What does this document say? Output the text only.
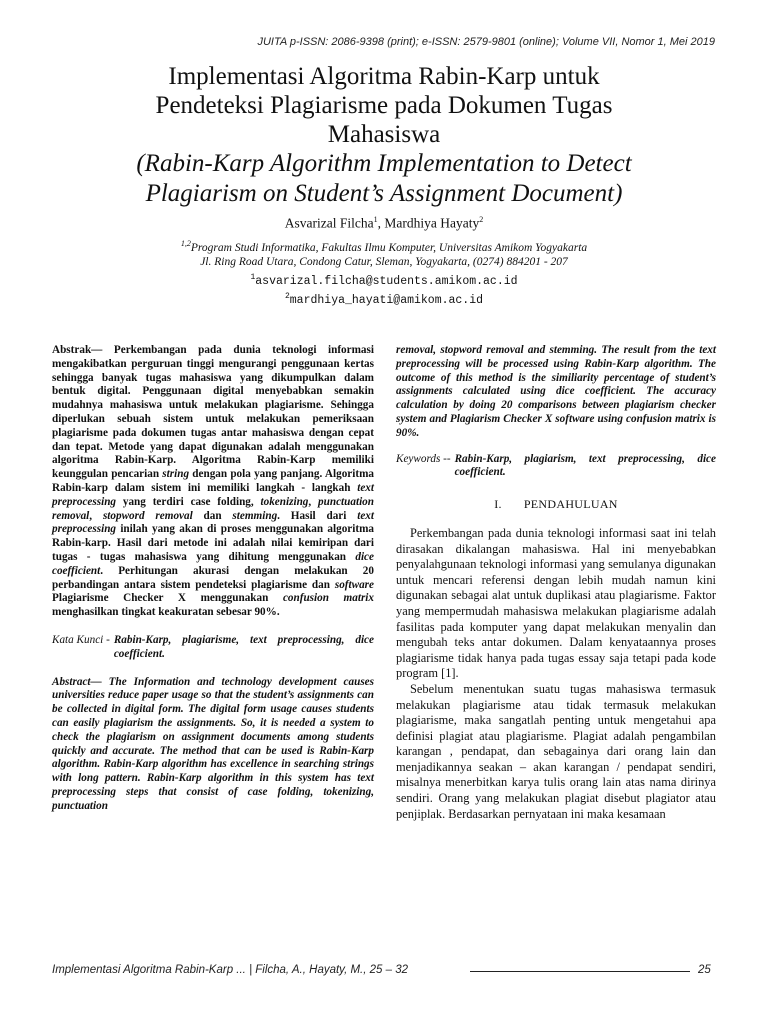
JUITA p-ISSN: 2086-9398 (print); e-ISSN: 2579-9801 (online); Volume VII, Nomor 1, Mei 2019
Implementasi Algoritma Rabin-Karp untuk
Pendeteksi Plagiarisme pada Dokumen Tugas
Mahasiswa
(Rabin-Karp Algorithm Implementation to Detect
Plagiarism on Student’s Assignment Document)
Asvarizal Filcha$^1$, Mardhiya Hayaty$^2$
$^{1,2}$Program Studi Informatika, Fakultas Ilmu Komputer, Universitas Amikom Yogyakarta
Jl. Ring Road Utara, Condong Catur, Sleman, Yogyakarta, (0274) 884201 - 207
$^1$asvarizal.filcha@students.amikom.ac.id
$^2$mardhiya_hayati@amikom.ac.id

Abstrak— Perkembangan pada dunia teknologi informasi mengakibatkan perguruan tinggi mengurangi penggunaan kertas sehingga banyak tugas mahasiswa yang dikumpulkan dalam bentuk digital. Penggunaan digital menyebabkan semakin mudahnya mahasiswa untuk melakukan plagiarisme. Sehingga diperlukan sebuah sistem untuk melakukan pemeriksaan plagiarisme pada dokumen tugas antar mahasiswa dengan cepat dan tepat. Metode yang dapat digunakan adalah menggunakan algoritma Rabin-Karp. Algoritma Rabin-Karp memiliki keunggulan pencarian string dengan pola yang panjang. Algoritma Rabin-karp dalam sistem ini memiliki langkah - langkah text preprocessing yang terdiri case folding, tokenizing, punctuation removal, stopword removal dan stemming. Hasil dari text preprocessing inilah yang akan di proses menggunakan algoritma Rabin-karp. Hasil dari metode ini adalah nilai kemiripan dari tugas - tugas mahasiswa yang dihitung menggunakan dice coefficient. Perhitungan akurasi dengan melakukan 20 perbandingan antara sistem pendeteksi plagiarisme dan software Plagiarisme Checker X menggunakan confusion matrix menghasilkan tingkat keakuratan sebesar 90%.

Kata Kunci - Rabin-Karp, plagiarisme, text preprocessing, dice coefficient.

Abstract— The Information and technology development causes universities reduce paper usage so that the student’s assignments can be collected in digital form. The digital form usage causes students can easily plagiarism the assignments. So, it is needed a system to check the plagiarism on assignment documents among students quickly and accurate. The method that can be used is Rabin-Karp algorithm. Rabin-Karp algorithm has excellence in searching strings with long pattern. Rabin-Karp algorithm in this system has text preprocessing steps that consist of case folding, tokenizing, punctuation

removal, stopword removal and stemming. The result from the text preprocessing will be processed using Rabin-Karp algorithm. The outcome of this method is the similiarity percentage of student’s assignments calculated using dice coefficient. The accuracy calculation by doing 20 comparisons between plagiarism checker system and Plagiarism Checker X software using confusion matrix is 90%.

Keywords -- Rabin-Karp, plagiarism, text preprocessing, dice coefficient.
I. PENDAHULUAN

Perkembangan pada dunia teknologi informasi saat ini telah dirasakan dikalangan mahasiswa. Hal ini menyebabkan penyalahgunaan teknologi informasi yang semulanya digunakan untuk mencari referensi dengan lebih mudah namun kini digunakan sebagai alat untuk duplikasi atau plagiarisme. Faktor yang mempermudah mahasiswa melakukan plagiarisme adalah fasilitas pada komputer yang dapat melakukan menyalin dan mengubah teks antar dokumen. Dalam kenyataannya proses plagiarisme tidak hanya pada tugas essay saja tetapi pada kode program [1].

Sebelum menentukan suatu tugas mahasiswa termasuk melakukan plagiarisme atau tidak termasuk melakukan plagiarisme, maka sangatlah penting untuk mengetahui apa definisi plagiat atau plagiarisme. Plagiat adalah pengambilan karangan , pendapat, dan sebagainya dari orang lain dan menjadikannya seakan – akan karangan / pendapat sendiri, misalnya menerbitkan karya tulis orang lain atas nama dirinya sendiri. Orang yang melakukan plagiat disebut plagiator atau penjiplak. Berdasarkan pernyataan ini maka kesamaan

Implementasi Algoritma Rabin-Karp ... | Filcha, A., Hayaty, M., 25 – 32	25
